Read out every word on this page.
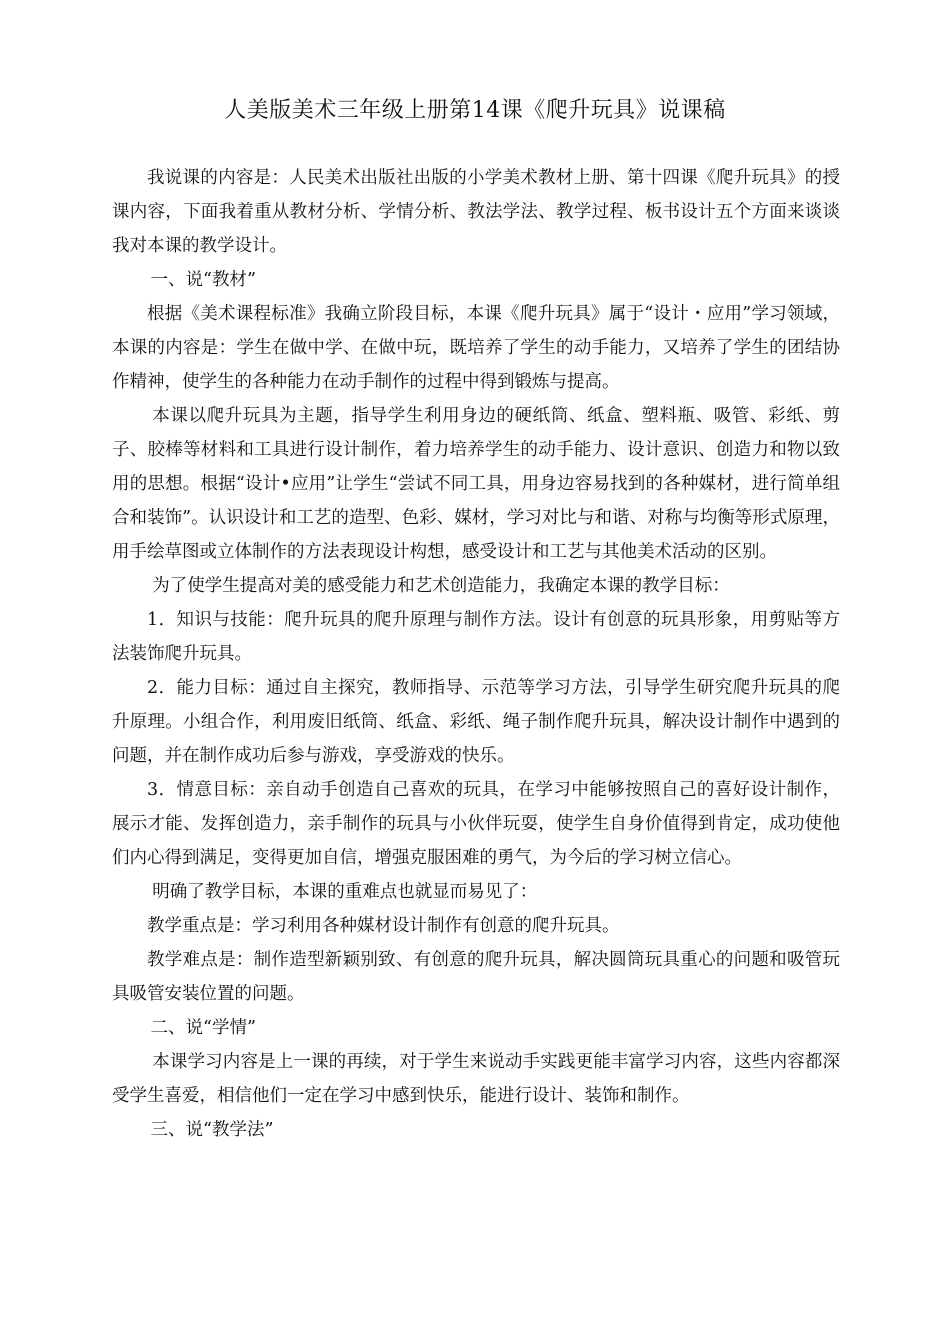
人美版美术三年级上册第14课《爬升玩具》说课稿

我说课的内容是：人民美术出版社出版的小学美术教材上册、第十四课《爬升玩具》的授课内容，下面我着重从教材分析、学情分析、教法学法、教学过程、板书设计五个方面来谈谈我对本课的教学设计。

一、说“教材”

根据《美术课程标准》我确立阶段目标，本课《爬升玩具》属于“设计・应用”学习领域，本课的内容是：学生在做中学、在做中玩，既培养了学生的动手能力，又培养了学生的团结协作精神，使学生的各种能力在动手制作的过程中得到锻炼与提高。

本课以爬升玩具为主题，指导学生利用身边的硬纸筒、纸盒、塑料瓶、吸管、彩纸、剪子、胶棒等材料和工具进行设计制作，着力培养学生的动手能力、设计意识、创造力和物以致用的思想。根据“设计•应用”让学生“尝试不同工具，用身边容易找到的各种媒材，进行简单组合和装饰”。认识设计和工艺的造型、色彩、媒材，学习对比与和谐、对称与均衡等形式原理，用手绘草图或立体制作的方法表现设计构想，感受设计和工艺与其他美术活动的区别。

为了使学生提高对美的感受能力和艺术创造能力，我确定本课的教学目标：

1．知识与技能：爬升玩具的爬升原理与制作方法。设计有创意的玩具形象，用剪贴等方法装饰爬升玩具。

2．能力目标：通过自主探究，教师指导、示范等学习方法，引导学生研究爬升玩具的爬升原理。小组合作，利用废旧纸筒、纸盒、彩纸、绳子制作爬升玩具，解决设计制作中遇到的问题，并在制作成功后参与游戏，享受游戏的快乐。

3．情意目标：亲自动手创造自己喜欢的玩具，在学习中能够按照自己的喜好设计制作，展示才能、发挥创造力，亲手制作的玩具与小伙伴玩耍，使学生自身价值得到肯定，成功使他们内心得到满足，变得更加自信，增强克服困难的勇气，为今后的学习树立信心。

明确了教学目标，本课的重难点也就显而易见了：

教学重点是：学习利用各种媒材设计制作有创意的爬升玩具。

教学难点是：制作造型新颖别致、有创意的爬升玩具，解决圆筒玩具重心的问题和吸管玩具吸管安装位置的问题。

二、说“学情”

本课学习内容是上一课的再续，对于学生来说动手实践更能丰富学习内容，这些内容都深受学生喜爱，相信他们一定在学习中感到快乐，能进行设计、装饰和制作。

三、说“教学法”
